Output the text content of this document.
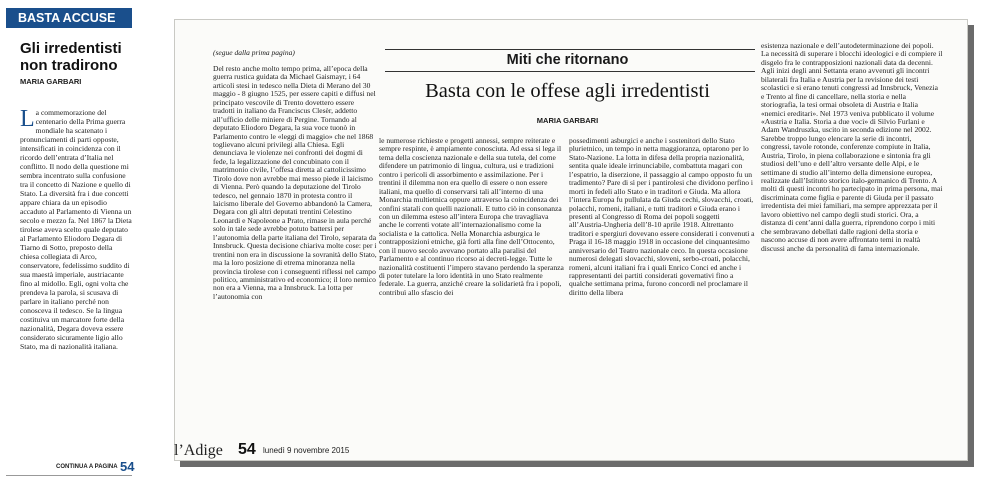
BASTA ACCUSE
Gli irredentisti non tradirono
MARIA GARBARI

La commemorazione del centenario della Prima guerra mondiale ha scatenato i pronunciamenti di parti opposte, intensificati in coincidenza con il ricordo dell’entrata d’Italia nel conflitto. Il nodo della questione mi sembra incentrato sulla confusione tra il concetto di Nazione e quello di Stato. La diversità fra i due concetti appare chiara da un episodio accaduto al Parlamento di Vienna un secolo e mezzo fa. Nel 1867 la Dieta tirolese aveva scelto quale deputato al Parlamento Eliodoro Degara di Tiarno di Sotto, preposto della chiesa collegiata di Arco, conservatore, fedelissimo suddito di sua maestà imperiale, austriacante fino al midollo. Egli, ogni volta che prendeva la parola, si scusava di parlare in italiano perché non conosceva il tedesco. Se la lingua costituiva un marcatore forte della nazionalità, Degara doveva essere considerato sicuramente ligio allo Stato, ma di nazionalità italiana.

CONTINUA A PAGINA 54
(segue dalla prima pagina)

Del resto anche molto tempo prima, all’epoca della guerra rustica guidata da Michael Gaismayr, i 64 articoli stesi in tedesco nella Dieta di Merano del 30 maggio - 8 giugno 1525, per essere capiti e diffusi nel principato vescovile di Trento dovettero essere tradotti in italiano da Franciscus Clesèr, addetto all’ufficio delle miniere di Pergine. Tornando al deputato Eliodoro Degara, la sua voce tuonò in Parlamento contro le «leggi di maggio» che nel 1868 toglievano alcuni privilegi alla Chiesa. Egli denunciava le violenze nei confronti dei dogmi di fede, la legalizzazione del concubinato con il matrimonio civile, l’offesa diretta al cattolicissimo Tirolo dove non avrebbe mai messo piede il laicismo di Vienna. Però quando la deputazione del Tirolo tedesco, nel gennaio 1870 in protesta contro il laicismo liberale del Governo abbandonò la Camera, Degara con gli altri deputati trentini Celestino Leonardi e Napoleone a Prato, rimase in aula perché solo in tale sede avrebbe potuto battersi per l’autonomia della parte italiana del Tirolo, separata da Innsbruck. Questa decisione chiariva molte cose: per i trentini non era in discussione la sovranità dello Stato, ma la loro posizione di etrema minoranza nella provincia tirolese con i conseguenti riflessi nel campo politico, amministrativo ed economico; il loro nemico non era a Vienna, ma a Innsbruck. La lotta per l’autonomia con

Miti che ritornano
Basta con le offese agli irredentisti
MARIA GARBARI

le numerose richieste e progetti annessi, sempre reiterate e sempre respinte, è ampiamente conosciuta. Ad essa si lega il tema della coscienza nazionale e della sua tutela, del come difendere un patrimonio di lingua, cultura, usi e tradizioni contro i pericoli di assorbimento e assimilazione. Per i trentini il dilemma non era quello di essere o non essere italiani, ma quello di conservarsi tali all’interno di una Monarchia multietnica oppure attraverso la coincidenza dei confini statali con quelli nazionali. E tutto ciò in consonanza con un dilemma esteso all’intera Europa che travagliava anche le correnti votate all’internazionalismo come la socialista e la cattolica. Nella Monarchia asburgica le contrapposizioni etniche, già forti alla fine dell’Ottocento, con il nuovo secolo avevano portato alla paralisi del Parlamento e al continuo ricorso ai decreti-legge. Tutte le nazionalità costituenti l’impero stavano perdendo la speranza di poter tutelare la loro identità in uno Stato realmente federale. La guerra, anziché creare la solidarietà fra i popoli, contribuì allo sfascio dei

possedimenti asburgici e anche i sostenitori dello Stato plurietnico, un tempo in netta maggioranza, optarono per lo Stato-Nazione. La lotta in difesa della propria nazionalità, sentita quale ideale irrinunciabile, combattuta magari con l’espatrio, la diserzione, il passaggio al campo opposto fu un tradimento? Pare di sì per i pantirolesi che dividono perfino i morti in fedeli allo Stato e in traditori e Giuda. Ma allora l’intera Europa fu pullulata da Giuda cechi, slovacchi, croati, polacchi, romeni, italiani, e tutti traditori e Giuda erano i presenti al Congresso di Roma dei popoli soggetti all’Austria-Ungheria dell’8-10 aprile 1918. Altrettanto traditori e spergiuri dovevano essere considerati i convenuti a Praga il 16-18 maggio 1918 in occasione del cinquantesimo anniversario del Teatro nazionale ceco. In questa occasione numerosi delegati slovacchi, sloveni, serbo-croati, polacchi, romeni, alcuni italiani fra i quali Enrico Conci ed anche i rappresentanti dei partiti considerati governativi fino a qualche settimana prima, furono concordi nel proclamare il diritto della libera

esistenza nazionale e dell’autodeterminazione dei popoli. La necessità di superare i blocchi ideologici e di compiere il disgelo fra le contrapposizioni nazionali data da decenni. Agli inizi degli anni Settanta erano avvenuti gli incontri bilaterali fra Italia e Austria per la revisione dei testi scolastici e si erano tenuti congressi ad Innsbruck, Venezia e Trento al fine di cancellare, nella storia e nella storiografia, la tesi ormai obsoleta di Austria e Italia «nemici ereditari». Nel 1973 veniva pubblicato il volume «Austria e Italia. Storia a due voci» di Silvio Furlani e Adam Wandruszka, uscito in seconda edizione nel 2002. Sarebbe troppo lungo elencare la serie di incontri, congressi, tavole rotonde, conferenze compiute in Italia, Austria, Tirolo, in piena collaborazione e sintonia fra gli studiosi dell’uno e dell’altro versante delle Alpi, e le settimane di studio all’interno della dimensione europea, realizzate dall’Istituto storico italo-germanico di Trento. A molti di questi incontri ho partecipato in prima persona, mai discriminata come figlia e parente di Giuda per il passato irredentista dei miei familiari, ma sempre apprezzata per il lavoro obiettivo nel campo degli studi storici. Ora, a distanza di cent’anni dalla guerra, riprendono corpo i miti che sembravano debellati dalle ragioni della storia e nascono accuse di non avere affrontato temi in realtà discussi anche da personalità di fama internazionale.

l’Adige 54 lunedì 9 novembre 2015
